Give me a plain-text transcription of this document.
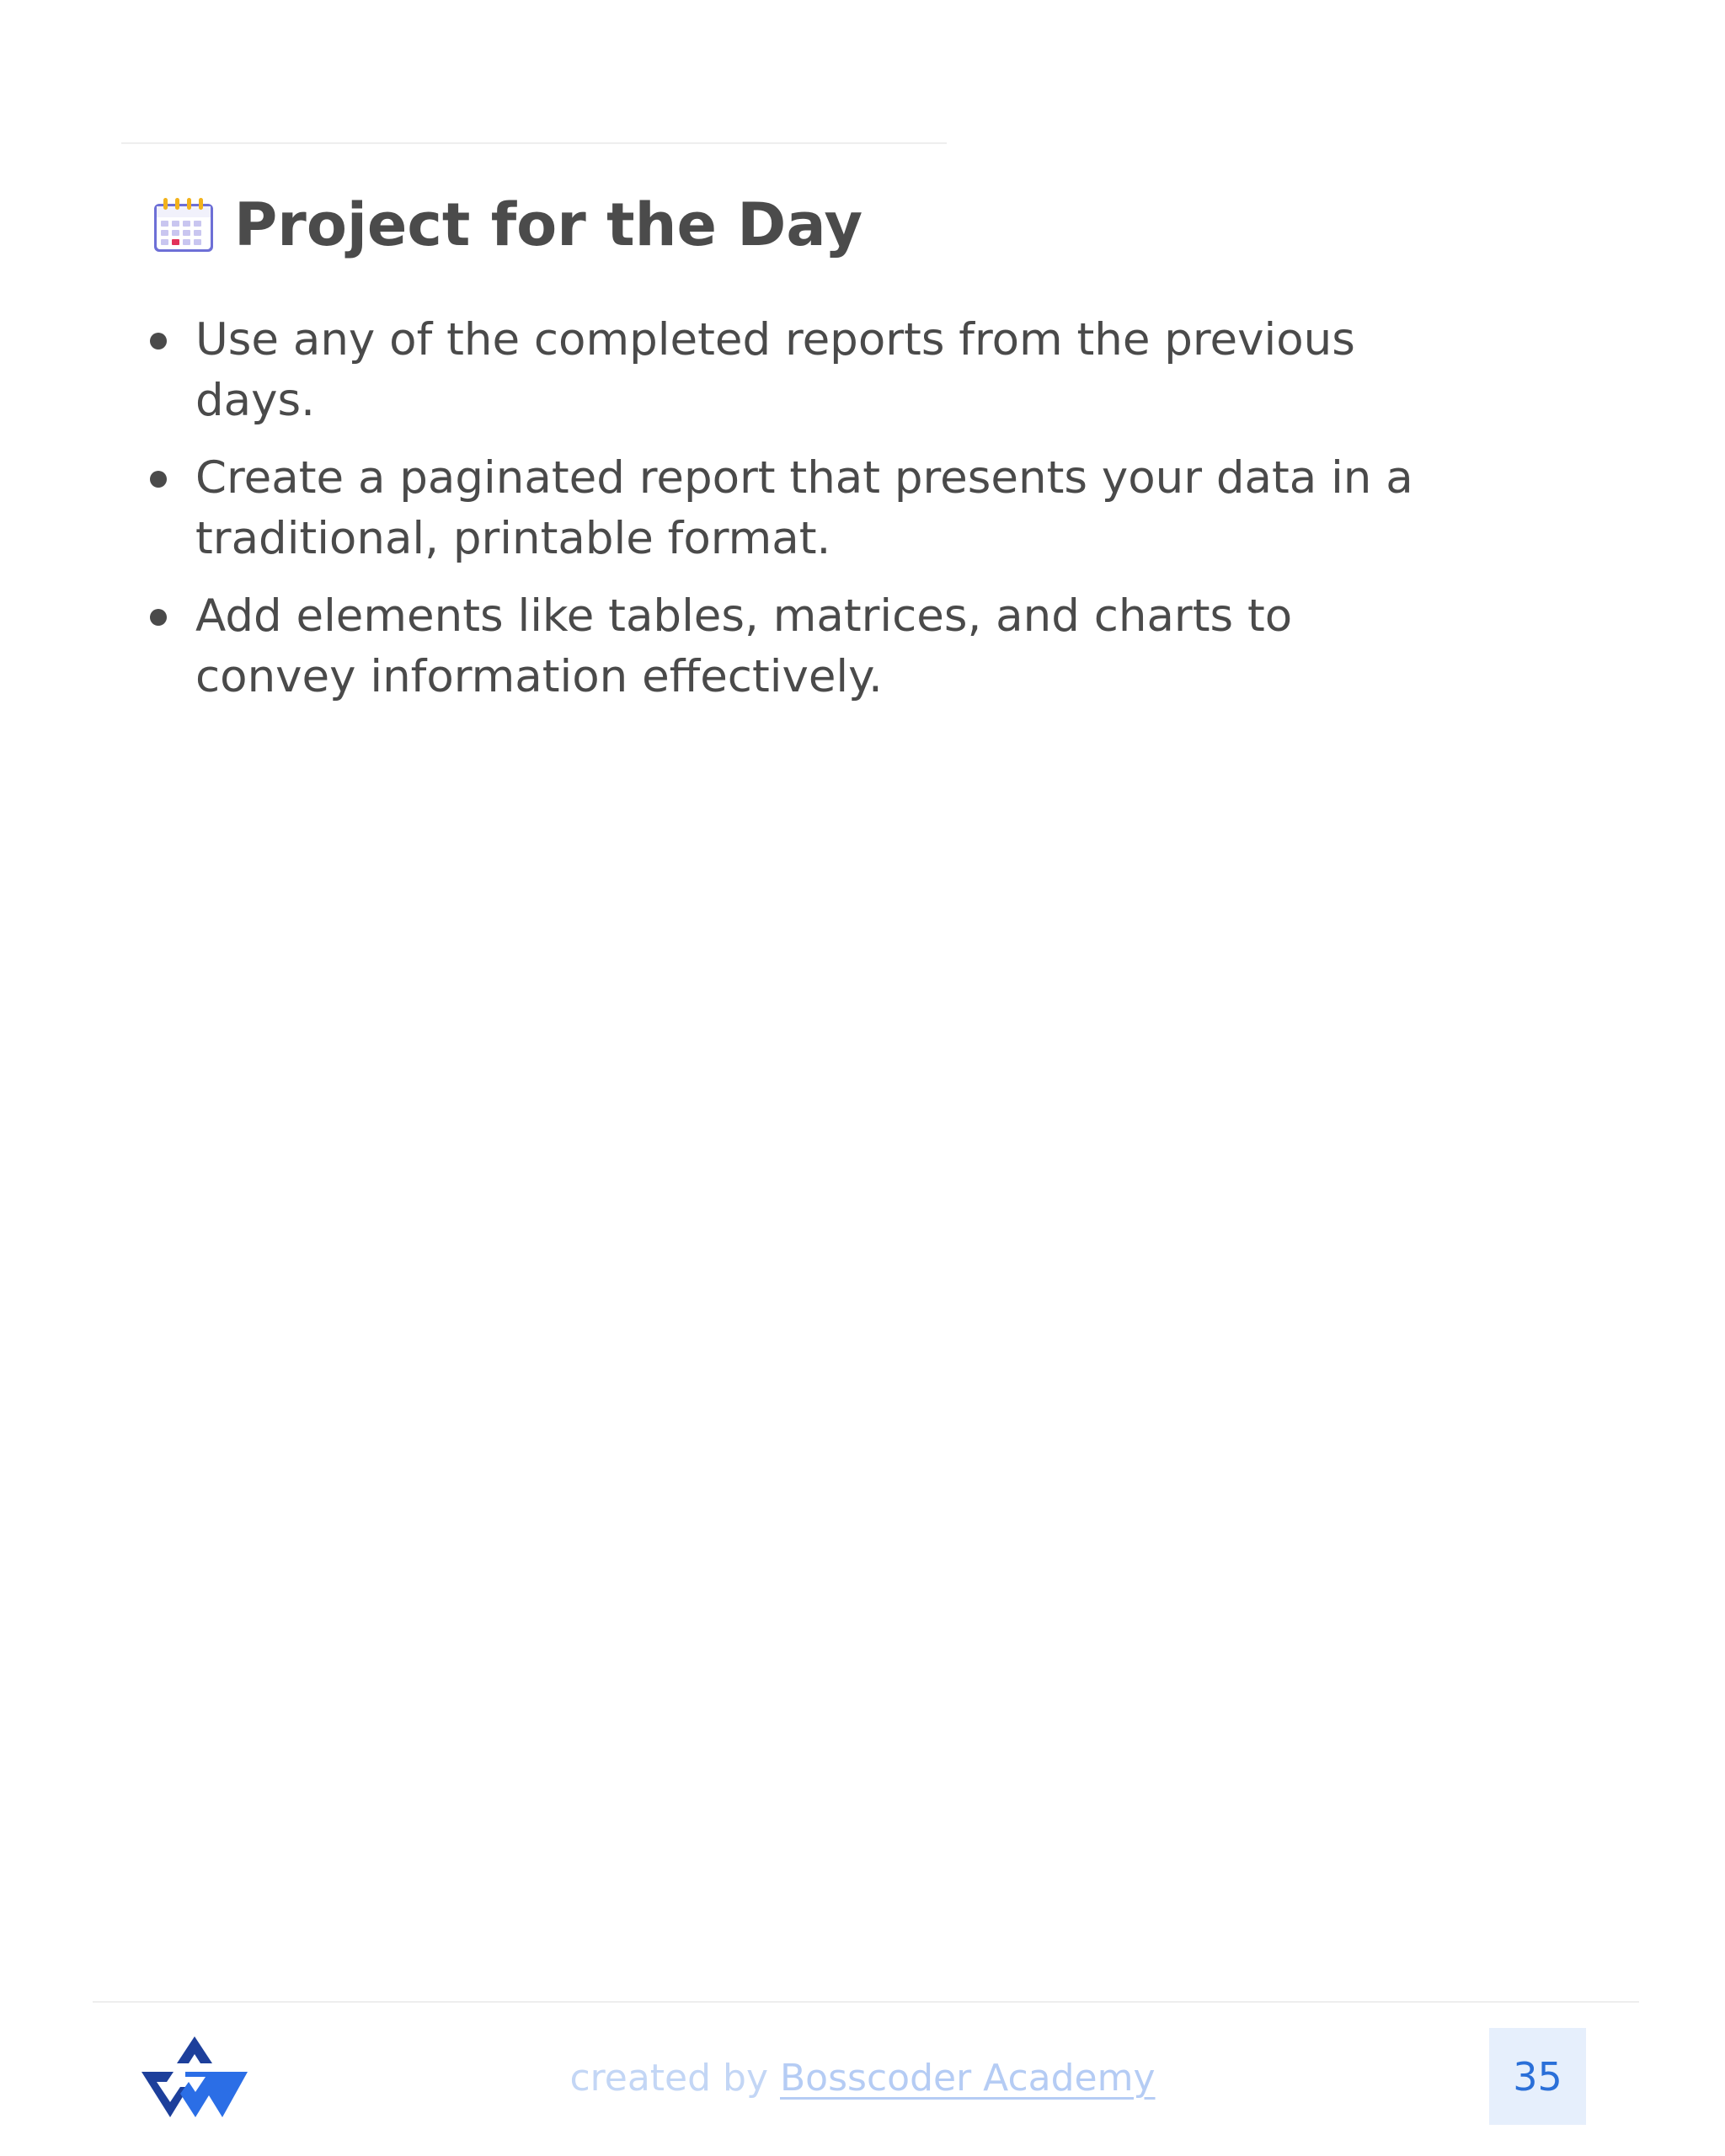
Project for the Day
Use any of the completed reports from the previous days.
Create a paginated report that presents your data in a traditional, printable format.
Add elements like tables, matrices, and charts to convey information effectively.
created by Bosscoder Academy	35
